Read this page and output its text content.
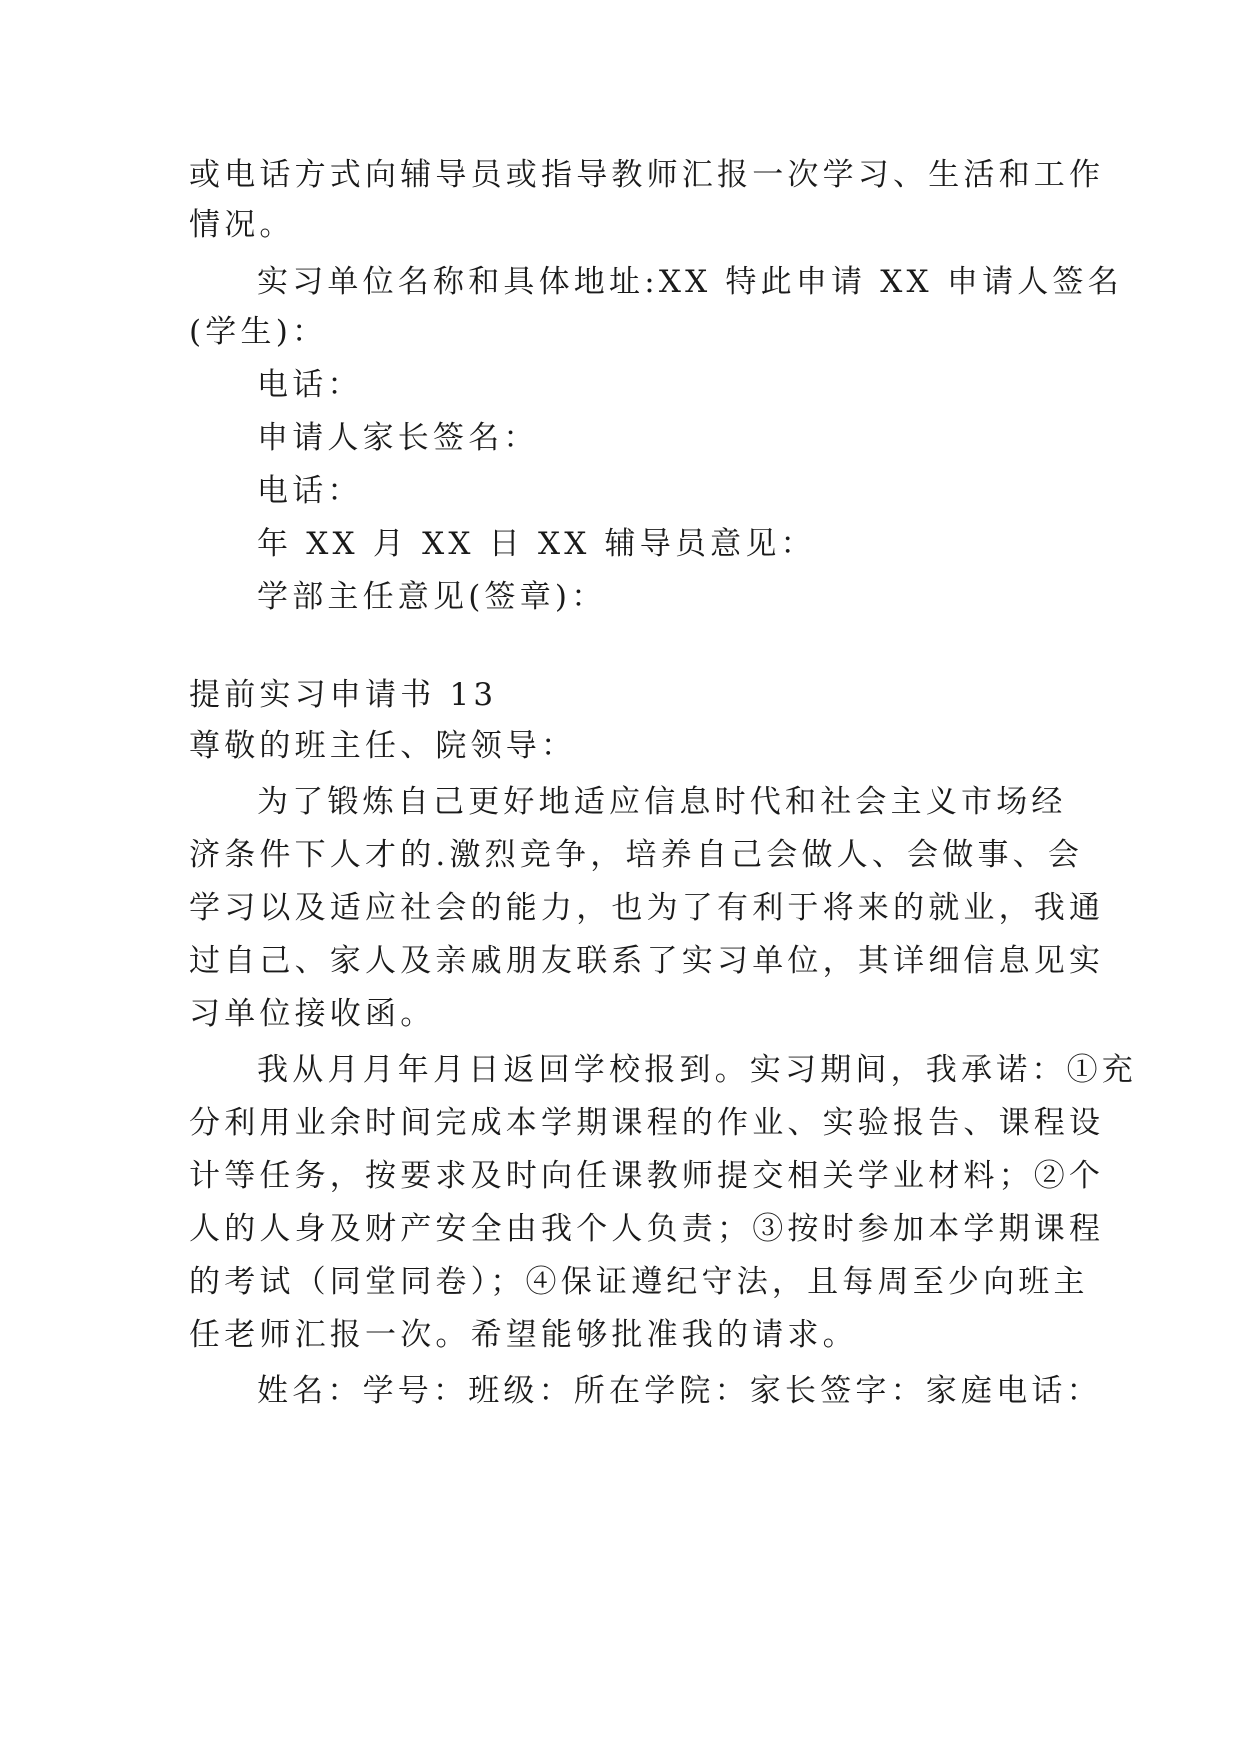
或电话方式向辅导员或指导教师汇报一次学习、生活和工作
情况。
实习单位名称和具体地址:XX 特此申请 XX 申请人签名
(学生)：
电话：
申请人家长签名：
电话：
年 XX 月 XX 日 XX 辅导员意见：
学部主任意见(签章)：
提前实习申请书 13
尊敬的班主任、院领导：
为了锻炼自己更好地适应信息时代和社会主义市场经
济条件下人才的.激烈竞争，培养自己会做人、会做事、会
学习以及适应社会的能力，也为了有利于将来的就业，我通
过自己、家人及亲戚朋友联系了实习单位，其详细信息见实
习单位接收函。
我从月月年月日返回学校报到。实习期间，我承诺：①充
分利用业余时间完成本学期课程的作业、实验报告、课程设
计等任务，按要求及时向任课教师提交相关学业材料；②个
人的人身及财产安全由我个人负责；③按时参加本学期课程
的考试（同堂同卷）；④保证遵纪守法，且每周至少向班主
任老师汇报一次。希望能够批准我的请求。
姓名：学号：班级：所在学院：家长签字：家庭电话：
